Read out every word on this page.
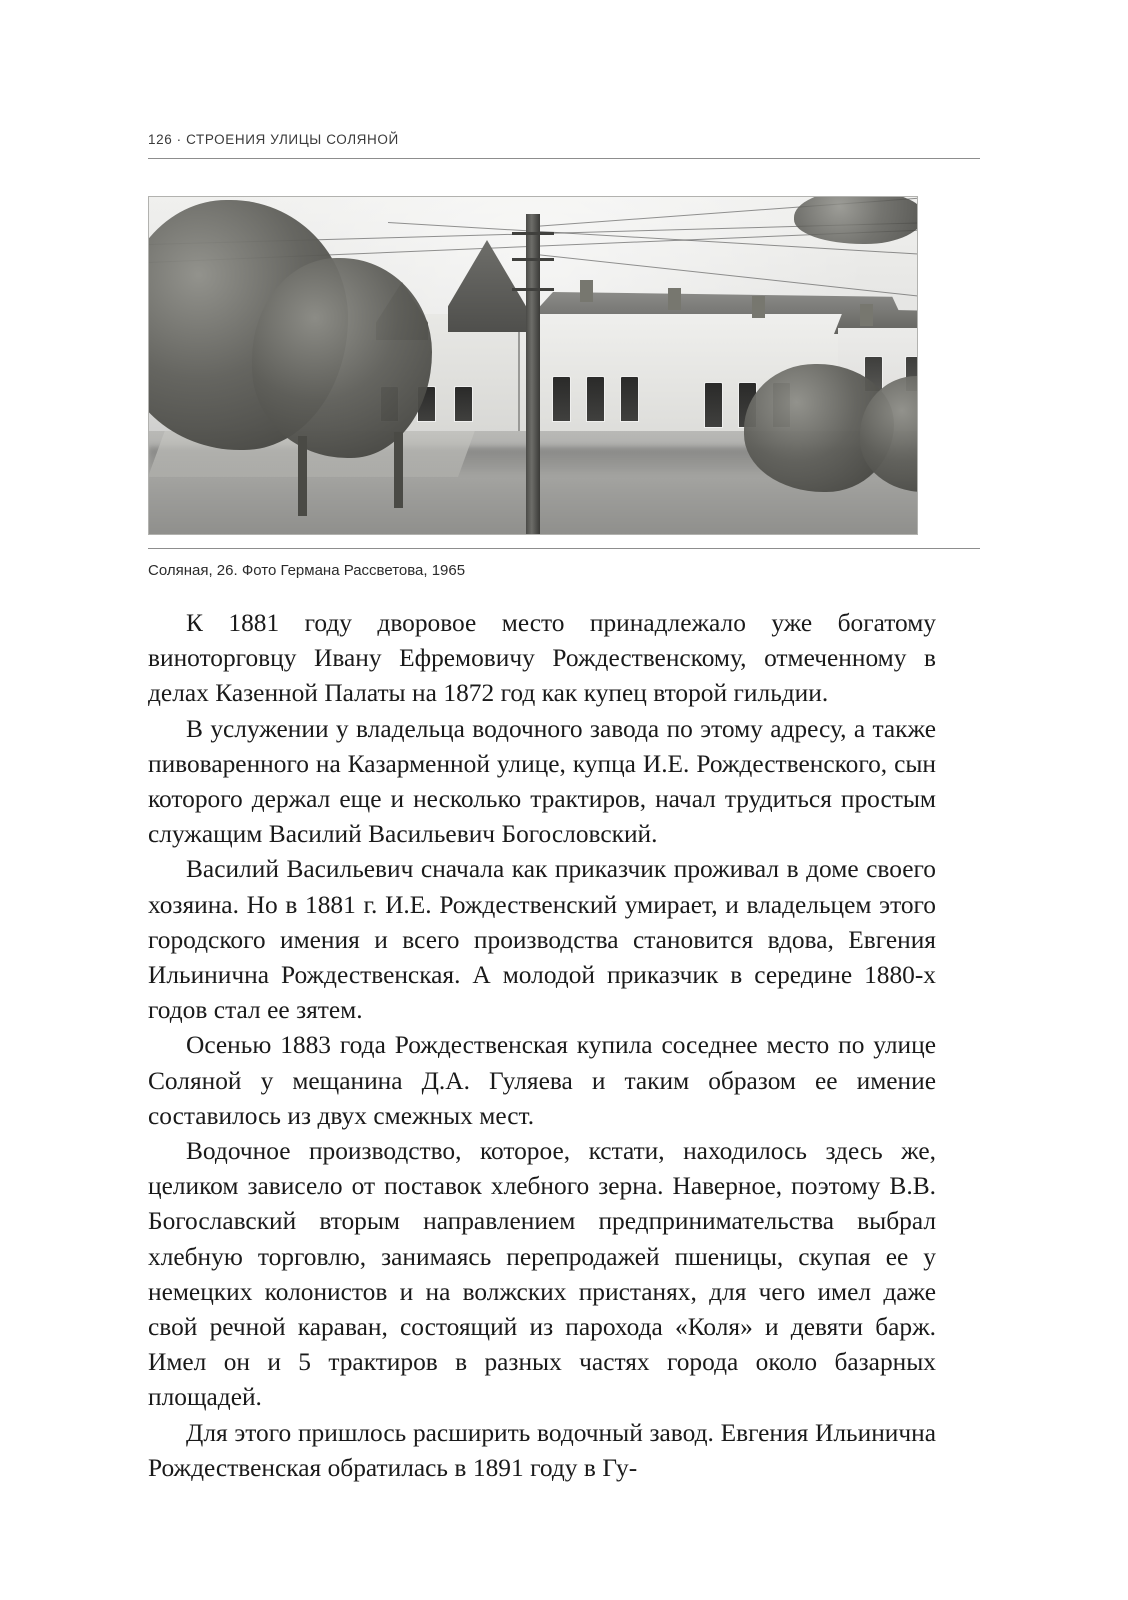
126 · СТРОЕНИЯ УЛИЦЫ СОЛЯНОЙ
Соляная, 26. Фото Германа Рассветова, 1965

К 1881 году дворовое место принадлежало уже богатому виноторговцу Ивану Ефремовичу Рождественскому, отмеченному в делах Казенной Палаты на 1872 год как купец второй гильдии.

В услужении у владельца водочного завода по этому адресу, а также пивоваренного на Казарменной улице, купца И.Е. Рождественского, сын которого держал еще и несколько трактиров, начал трудиться простым служащим Василий Васильевич Богословский.

Василий Васильевич сначала как приказчик проживал в доме своего хозяина. Но в 1881 г. И.Е. Рождественский умирает, и владельцем этого городского имения и всего производства становится вдова, Евгения Ильинична Рождественская. А молодой приказчик в середине 1880-х годов стал ее зятем.

Осенью 1883 года Рождественская купила соседнее место по улице Соляной у мещанина Д.А. Гуляева и таким образом ее имение составилось из двух смежных мест.

Водочное производство, которое, кстати, находилось здесь же, целиком зависело от поставок хлебного зерна. Наверное, поэтому В.В. Богославский вторым направлением предпринимательства выбрал хлебную торговлю, занимаясь перепродажей пшеницы, скупая ее у немецких колонистов и на волжских пристанях, для чего имел даже свой речной караван, состоящий из парохода «Коля» и девяти барж. Имел он и 5 трактиров в разных частях города около базарных площадей.

Для этого пришлось расширить водочный завод. Евгения Ильинична Рождественская обратилась в 1891 году в Гу-
